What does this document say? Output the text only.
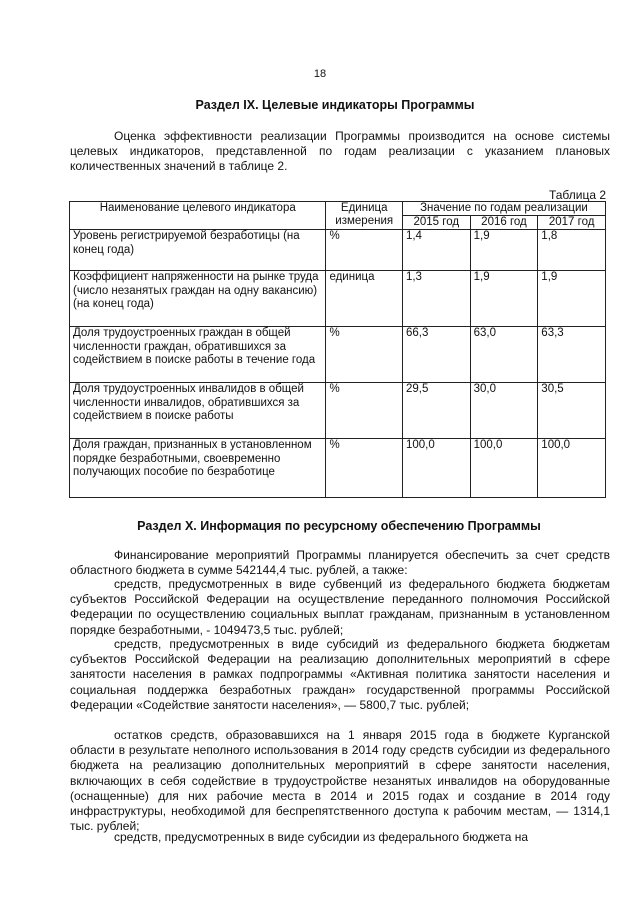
18
Раздел IX. Целевые индикаторы Программы

Оценка эффективности реализации Программы производится на основе системы целевых индикаторов, представленной по годам реализации с указанием плановых количественных значений в таблице 2.

Таблица 2
Наименование целевого индикатора	Единица измерения	Значение по годам реализации		
		2015 год	2016 год	2017 год
Уровень регистрируемой безработицы (на конец года)	%	1,4	1,9	1,8
Коэффициент напряженности на рынке труда (число незанятых граждан на одну вакансию) (на конец года)	единица	1,3	1,9	1,9
Доля трудоустроенных граждан в общей численности граждан, обратившихся за содействием в поиске работы в течение года	%	66,3	63,0	63,3
Доля трудоустроенных инвалидов в общей численности инвалидов, обратившихся за содействием в поиске работы	%	29,5	30,0	30,5
Доля граждан, признанных в установленном порядке безработными, своевременно получающих пособие по безработице	%	100,0	100,0	100,0
Раздел X. Информация по ресурсному обеспечению Программы

Финансирование мероприятий Программы планируется обеспечить за счет средств областного бюджета в сумме 542144,4 тыс. рублей, а также:

средств, предусмотренных в виде субвенций из федерального бюджета бюджетам субъектов Российской Федерации на осуществление переданного полномочия Российской Федерации по осуществлению социальных выплат гражданам, признанным в установленном порядке безработными, - 1049473,5 тыс. рублей;

средств, предусмотренных в виде субсидий из федерального бюджета бюджетам субъектов Российской Федерации на реализацию дополнительных мероприятий в сфере занятости населения в рамках подпрограммы «Активная политика занятости населения и социальная поддержка безработных граждан» государственной программы Российской Федерации «Содействие занятости населения», — 5800,7 тыс. рублей;

остатков средств, образовавшихся на 1 января 2015 года в бюджете Курганской области в результате неполного использования в 2014 году средств субсидии из федерального бюджета на реализацию дополнительных мероприятий в сфере занятости населения, включающих в себя содействие в трудоустройстве незанятых инвалидов на оборудованные (оснащенные) для них рабочие места в 2014 и 2015 годах и создание в 2014 году инфраструктуры, необходимой для беспрепятственного доступа к рабочим местам, — 1314,1 тыс. рублей;

средств, предусмотренных в виде субсидии из федерального бюджета на
